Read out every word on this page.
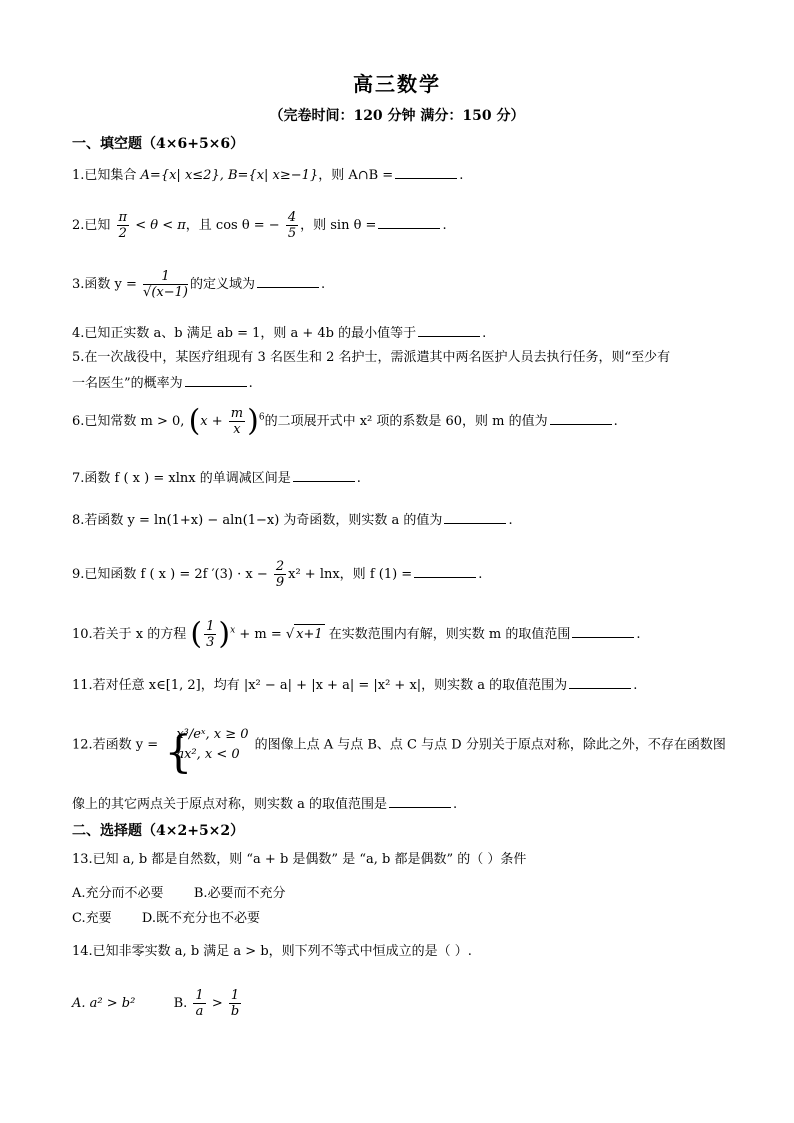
高三数学
（完卷时间：120 分钟 满分：150 分）
一、填空题（4×6+5×6）
1.已知集合 A={x| x≤2}, B={x| x≥−1}，则 A∩B =	.
2.已知 $\frac{\pi}{2} < \theta < \pi$，且 cos θ = − $\frac{4}{5}$ ，则 sin θ =	.
3.函数 $y = \frac{1}{√(x-1)}$ 的定义域为	.
4.已知正实数 a、b 满足 ab = 1，则 a + 4b 的最小值等于	.
5.在一次战役中，某医疗组现有 3 名医生和 2 名护士，需派遣其中两名医护人员去执行任务，则“至少有
一名医生”的概率为	.
6.已知常数 m > 0, $(x + \frac{m}{x} )^6$的二项展开式中 x² 项的系数是 60，则 m 的值为	.
7.函数 f ( x ) = xlnx 的单调减区间是	.
8.若函数 y = ln(1+x) − aln(1−x) 为奇函数，则实数 a 的值为	.
9.已知函数 f ( x ) = 2f $'(3) \cdot x - \frac{2}{9} x^2 + \ln x$，则 f (1) =	.
10.若关于 x 的方程 ( $\frac{1}{3} )^x + m$ = √ x+1 在实数范围内有解，则实数 m 的取值范围	.
11.若对任意 x∈[1, 2]，均有 |x² − a| + |x + a| = |x² + x|，则实数 a 的取值范围为	.
12.若函数 y = {
x³/eˣ, x ≥ 0
ax², x < 0
的图像上点 A 与点 B、点 C 与点 D 分别关于原点对称，除此之外，不存在函数图
像上的其它两点关于原点对称，则实数 a 的取值范围是	.
二、选择题（4×2+5×2）
13.已知 a, b 都是自然数，则 “a + b 是偶数” 是 “a, b 都是偶数” 的（ ）条件
A.充分而不必要 B.必要而不充分
C.充要 D.既不充分也不必要
14.已知非零实数 a, b 满足 a > b，则下列不等式中恒成立的是（ ）.
A. a² > b²	B. $\frac{1}{a} > \frac{1}{b}$
